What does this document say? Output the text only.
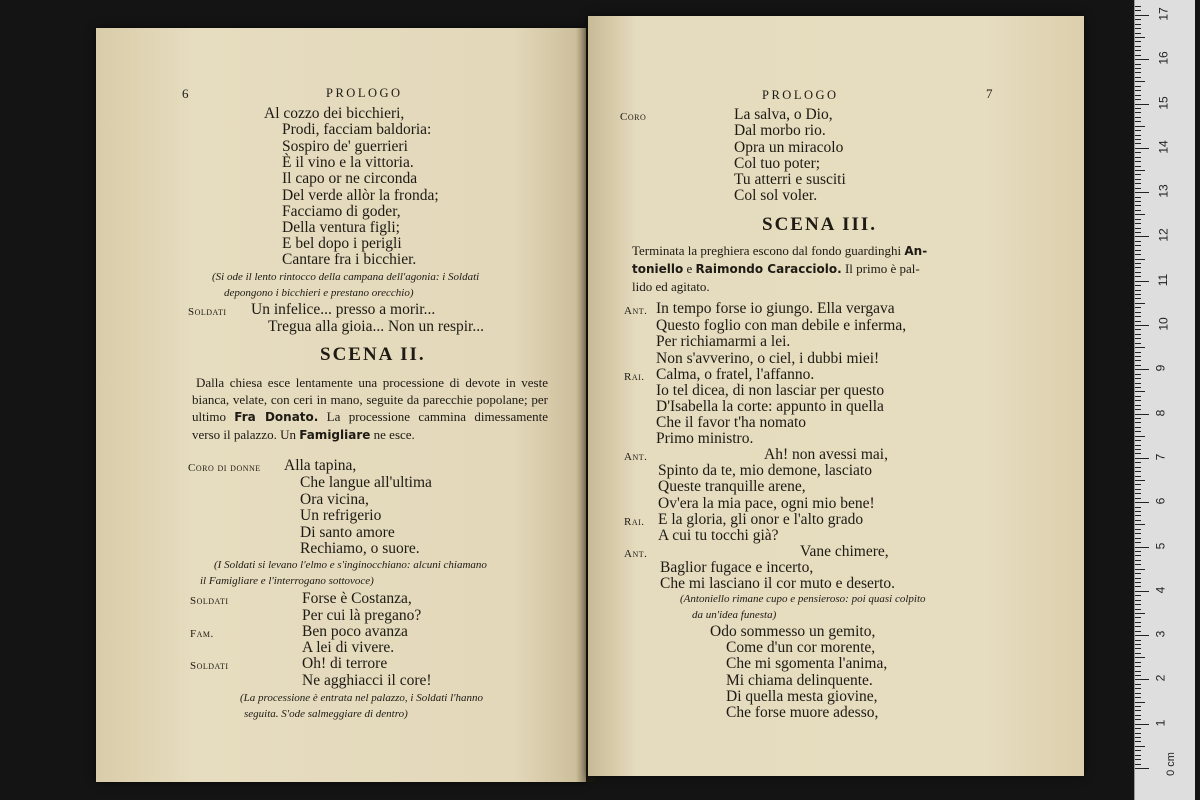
6	PROLOGO
Al cozzo dei bicchieri,
Prodi, facciam baldoria:
Sospiro de' guerrieri
È il vino e la vittoria.
Il capo or ne circonda
Del verde allòr la fronda;
Facciamo di goder,
Della ventura figli;
E bel dopo i perigli
Cantare fra i bicchier.
(Si ode il lento rintocco della campana dell'agonia: i Soldati
depongono i bicchieri e prestano orecchio)
Soldati Un infelice... presso a morir...
Tregua alla gioia... Non un respir...
SCENA II.
Dalla chiesa esce lentamente una processione di devote in veste bianca, velate, con ceri in mano, seguite da parecchie popolane; per ultimo Fra Donato. La processione cammina dimessamente verso il palazzo. Un Famigliare ne esce.
Coro di donne Alla tapina,
Che langue all'ultima
Ora vicina,
Un refrigerio
Di santo amore
Rechiamo, o suore.
(I Soldati si levano l'elmo e s'inginocchiano: alcuni chiamano
il Famigliare e l'interrogano sottovoce)
Soldati	Forse è Costanza,
Per cui là pregano?
Fam.	Ben poco avanza
A lei di vivere.
Soldati	Oh! di terrore
Ne agghiacci il core!
(La processione è entrata nel palazzo, i Soldati l'hanno
seguita. S'ode salmeggiare di dentro)
PROLOGO	7
Coro	La salva, o Dio,
Dal morbo rio.
Opra un miracolo
Col tuo poter;
Tu atterri e susciti
Col sol voler.
SCENA III.
Terminata la preghiera escono dal fondo guardinghi An-
toniello e Raimondo Caracciolo. Il primo è pal-
lido ed agitato.
Ant. In tempo forse io giungo. Ella vergava
Questo foglio con man debile e inferma,
Per richiamarmi a lei.
Non s'avverino, o ciel, i dubbi miei!
Rai. Calma, o fratel, l'affanno.
Io tel dicea, di non lasciar per questo
D'Isabella la corte: appunto in quella
Che il favor t'ha nomato
Primo ministro.
Ant.	Ah! non avessi mai,
Spinto da te, mio demone, lasciato
Queste tranquille arene,
Ov'era la mia pace, ogni mio bene!
Rai. E la gloria, gli onor e l'alto grado
A cui tu tocchi già?
Ant.	Vane chimere,
Baglior fugace e incerto,
Che mi lasciano il cor muto e deserto.
(Antoniello rimane cupo e pensieroso: poi quasi colpito
da un'idea funesta)
Odo sommesso un gemito,
Come d'un cor morente,
Che mi sgomenta l'anima,
Mi chiama delinquente.
Di quella mesta giovine,
Che forse muore adesso,
0 cm
1
2
3
4
5
6
7
8
9
10
11
12
13
14
15
16
17
